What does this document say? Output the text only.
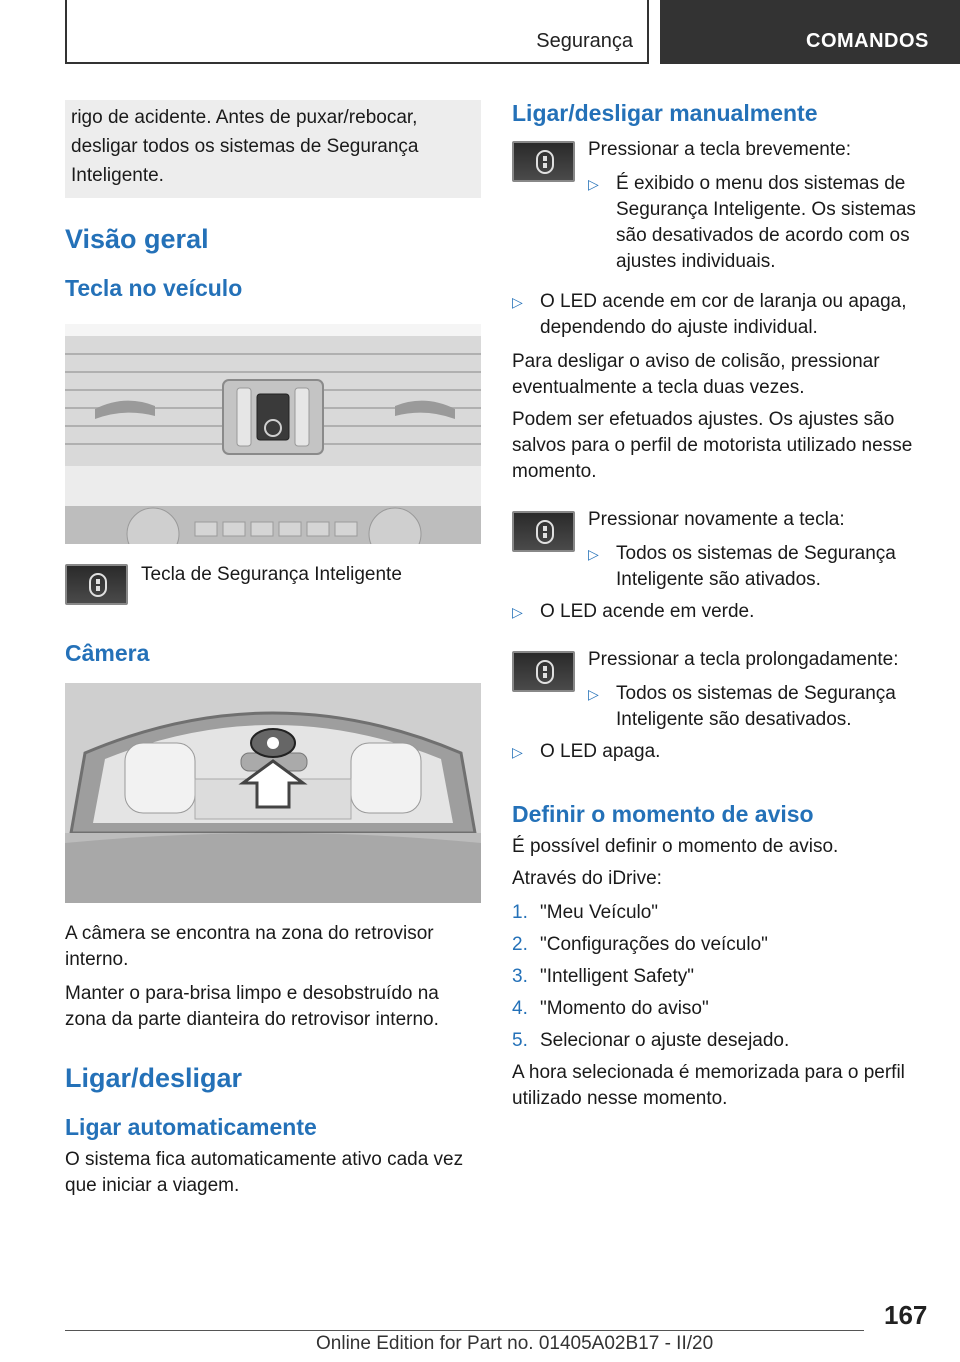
Segurança	COMANDOS
rigo de acidente. Antes de puxar/rebocar, desligar todos os sistemas de Segurança Inteligente.
Visão geral
Tecla no veículo
Tecla de Segurança Inteligente
Câmera

A câmera se encontra na zona do retrovisor interno.

Manter o para-brisa limpo e desobstruído na zona da parte dianteira do retrovisor interno.

Ligar/desligar
Ligar automaticamente

O sistema fica automaticamente ativo cada vez que iniciar a viagem.

Ligar/desligar manualmente
Pressionar a tecla brevemente:
▷ É exibido o menu dos sistemas de Segurança Inteligente. Os sistemas são desativados de acordo com os ajustes individuais.
▷ O LED acende em cor de laranja ou apaga, dependendo do ajuste individual.

Para desligar o aviso de colisão, pressionar eventualmente a tecla duas vezes.

Podem ser efetuados ajustes. Os ajustes são salvos para o perfil de motorista utilizado nesse momento.

Pressionar novamente a tecla:
▷ Todos os sistemas de Segurança Inteligente são ativados.
▷ O LED acende em verde.
Pressionar a tecla prolongadamente:
▷ Todos os sistemas de Segurança Inteligente são desativados.
▷ O LED apaga.
Definir o momento de aviso

É possível definir o momento de aviso.

Através do iDrive:

1. "Meu Veículo"
2. "Configurações do veículo"
3. "Intelligent Safety"
4. "Momento do aviso"
5. Selecionar o ajuste desejado.

A hora selecionada é memorizada para o perfil utilizado nesse momento.

167
Online Edition for Part no. 01405A02B17 - II/20
